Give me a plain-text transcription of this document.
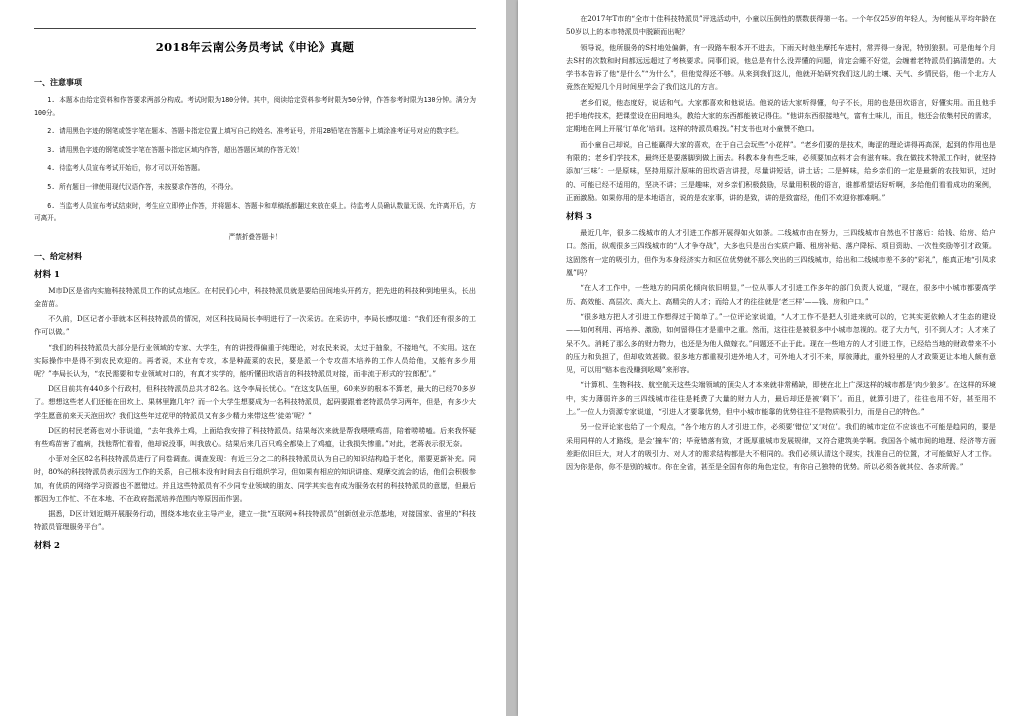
2018年云南公务员考试《申论》真题
一、注意事项
1. 本题本由给定资料和作答要求两部分构成。考试时限为180分钟。其中，阅读给定资料参考时限为50分钟，作答参考时限为130分钟。满分为100分。
2. 请用黑色字迹的钢笔或签字笔在题本、答题卡指定位置上填写自己的姓名、准考证号，并用2B铅笔在答题卡上填涂准考证号对应的数字栏。
3. 请用黑色字迹的钢笔或签字笔在答题卡指定区域内作答，超出答题区域的作答无效！
4. 待监考人员宣布考试开始后，你才可以开始答题。
5. 所有题目一律使用现代汉语作答，未按要求作答的，不得分。
6. 当监考人员宣布考试结束时，考生应立即停止作答，并将题本、答题卡和草稿纸都翻过来放在桌上。待监考人员确认数量无误、允许离开后，方可离开。
严禁折叠答题卡！
一、给定材料
材料 1

M市D区是省内实施科技特派员工作的试点地区。在村民们心中，科技特派员就是要给田间地头开药方，把先进的科技种到地里头，长出金苗苗。

不久前，D区记者小菲就本区科技特派员的情况，对区科技局局长李明进行了一次采访。在采访中，李局长感叹道：“我们还有很多的工作可以做。”

“我们的科技特派员大部分是行业领域的专家、大学生，有的讲授得偏重于纯理论，对农民来说，太过于抽象，不接地气，不实用。这在实际操作中是得不到农民欢迎的。再者说，术业有专攻，本是种蔬菜的农民，要是派一个专攻苗木培养的工作人员给他，又能有多少用呢？”李局长认为，“农民需要和专业领域对口的，有真才实学的，能听懂田坎语言的科技特派员对接，而非流于形式的‘拉郎配’。”

D区目前共有440多个行政村，但科技特派员总共才82名。这令李局长忧心。“在这支队伍里，60来岁的根本不算老，最大的已经70多岁了。想想这些老人们还能在田坎上、果林里跑几年？而一个大学生想要成为一名科技特派员，起码要跟着老特派员学习两年，但是，有多少大学生愿意前来天天泡田坎？我们这些年过花甲的特派员又有多少精力来带这些‘徒弟’呢？”

D区的村民老蒋也对小菲说道，“去年我养土鸡，上面给我安排了科技特派员。结果每次来就是帮我喂喂鸡苗，陪着唠唠嗑。后来我怀疑有些鸡苗害了瘟病，找他帮忙看看，他却说没事，叫我放心。结果后来几百只鸡全都染上了鸡瘟，让我损失惨重。”对此，老蒋表示很无奈。

小菲对全区82名科技特派员进行了问卷调查。调查发现：有近三分之二的科技特派员认为自己的知识结构趋于老化，需要更新补充。同时，80%的科技特派员表示因为工作的关系，自己根本没有时间去自行组织学习，但如果有相应的知识讲座、观摩交流会的话，他们会积极参加，有优质的网络学习资源也不愿错过。并且这些特派员有不少同专业领域的朋友、同学其实也有成为服务农村的科技特派员的意愿，但最后都因为工作忙、不在本地、不在政府指派培养范围内等原因而作罢。

据悉，D区计划近期开展服务行动，围绕本地农业主导产业，建立一批“互联网+科技特派员”创新创业示范基地，对接国家、省里的“科技特派员管理服务平台”。

材料 2

在2017年T市的“全市十佳科技特派员”评选活动中，小童以压倒性的票数获得第一名。一个年仅25岁的年轻人，为何能从平均年龄在50岁以上的本市特派员中脱颖而出呢？

领导说，他所服务的S村地处偏僻，有一段路车根本开不进去，下雨天时他坐摩托车进村，常弄得一身泥，特别狼狈。可是他每个月去S村的次数和时间都远远超过了考核要求。同事们说，他总是有什么没弄懂的问题，肯定会睡不好觉，会缠着老特派员们搞清楚的。大学书本告诉了他“是什么”“为什么”，但他觉得还不够。从来到我们这儿，他就开始研究我们这儿的土壤、天气、乡情民俗，他一个北方人竟然在短短几个月时间里学会了我们这儿的方言。

老乡们说，他态度好，说话和气。大家都喜欢和他说话。他说的话大家听得懂，句子不长，用的也是田坎语言，好懂实用。而且他手把手地传技术，把课堂设在田间地头，教给大家的东西都能被记得住。“他讲东西很接地气，富有土味儿，而且，他还会依集村民的需求，定期地在网上开展‘订单化’培训。这样的特派员难找。”村支书也对小童赞不绝口。

而小童自己却说，自己能赢得大家的喜欢，在于自己会玩些“小花样”。“老乡们要的是技术，晦涩的理论讲得再高深，起到的作用也是有限的；老乡们学技术，最终还是要落脚到做上面去。科教本身有些乏味，必须要加点料才会有滋有味。我在做技术特派工作时，就坚持添加‘三味’：一是原味，坚持用原汁原味的田坎语言讲授，尽量讲短话，讲土话；二是鲜味，给乡亲们的一定是最新的农技知识，过时的、可能已经不适用的，坚决不讲；三是趣味，对乡亲们积极鼓励，尽量用积极的语言，谁都希望话好听啊，多给他们看看成功的案例，正面激励。如果你用的是本地语言，说的是农家事，讲的是致，讲的是致富经，他们不欢迎你都难啊。”

材料 3

最近几年，很多二线城市的人才引进工作都开展得如火如荼。二线城市由在努力，三四线城市自然也不甘落后：给钱、给房、给户口。然而，纵观很多三四线城市的“人才争夺战”，大多也只是出台实质户籍、租房补贴、落户降标、项目资助、一次性奖励等引才政策。这固然有一定的吸引力，但作为本身经济实力和区位优势就不那么突出的三四线城市，给出和二线城市差不多的“彩礼”，能真正地“引凤求凰”吗？

“在人才工作中，一些地方的同质化倾向依旧明显，”一位从事人才引进工作多年的部门负责人说道，“现在，很多中小城市都要高学历、高效能、高层次、高大上、高精尖的人才；而给人才的往往就是‘老三样’——钱、房和户口。”

“很多地方把人才引进工作想得过于简单了。”一位评论家说道，“人才工作不是把人引进来就可以的，它其实更依赖人才生态的建设——如何利用、再培养、激励，如何留得住才是重中之重。然而，这往往是被很多中小城市忽视的。花了大力气，引不到人才；人才来了呆不久。消耗了那么多的财力物力，也还是为他人做嫁衣。”问题还不止于此。现在一些地方的人才引进工作，已经给当地的财政带来不小的压力和负担了，但却收效甚微。很多地方都重视引进外地人才，可外地人才引不来，厚彼薄此，重外轻里的人才政策更让本地人颇有意见，可以用“赔本也没赚到吆喝”来形容。

“计算机、生物科技、航空航天这些尖端领域的顶尖人才本来就非常稀缺，即使在北上广深这样的城市都是‘肉少狼多’。在这样的环境中，实力薄弱许多的三四线城市往往是耗费了大量的财力人力，最后却还是被‘剩下’。而且，就算引进了，往往也用不好，甚至用不上。”一位人力资源专家说道，“引进人才要靠优势，但中小城市能靠的优势往往不是物质吸引力，而是自己的特色。”

另一位评论家也给了一个观点，“各个地方的人才引进工作，必须要‘错位’又‘对位’。我们的城市定位不应该也不可能是趋同的，要是采用同样的人才路线，是会‘撞车’的；毕竟错落有致，才既厚重城市发展规律，又符合建筑美学啊。我国各个城市间的地理、经济等方面差距依旧巨大，对人才的吸引力、对人才的需求结构都是大不相同的。我们必须认清这个现实，找准自己的位置，才可能做好人才工作。因为你是你，你不是别的城市。你在全省，甚至是全国有你的角色定位，有你自己独特的优势。所以必须各就其位、各求所需。”
